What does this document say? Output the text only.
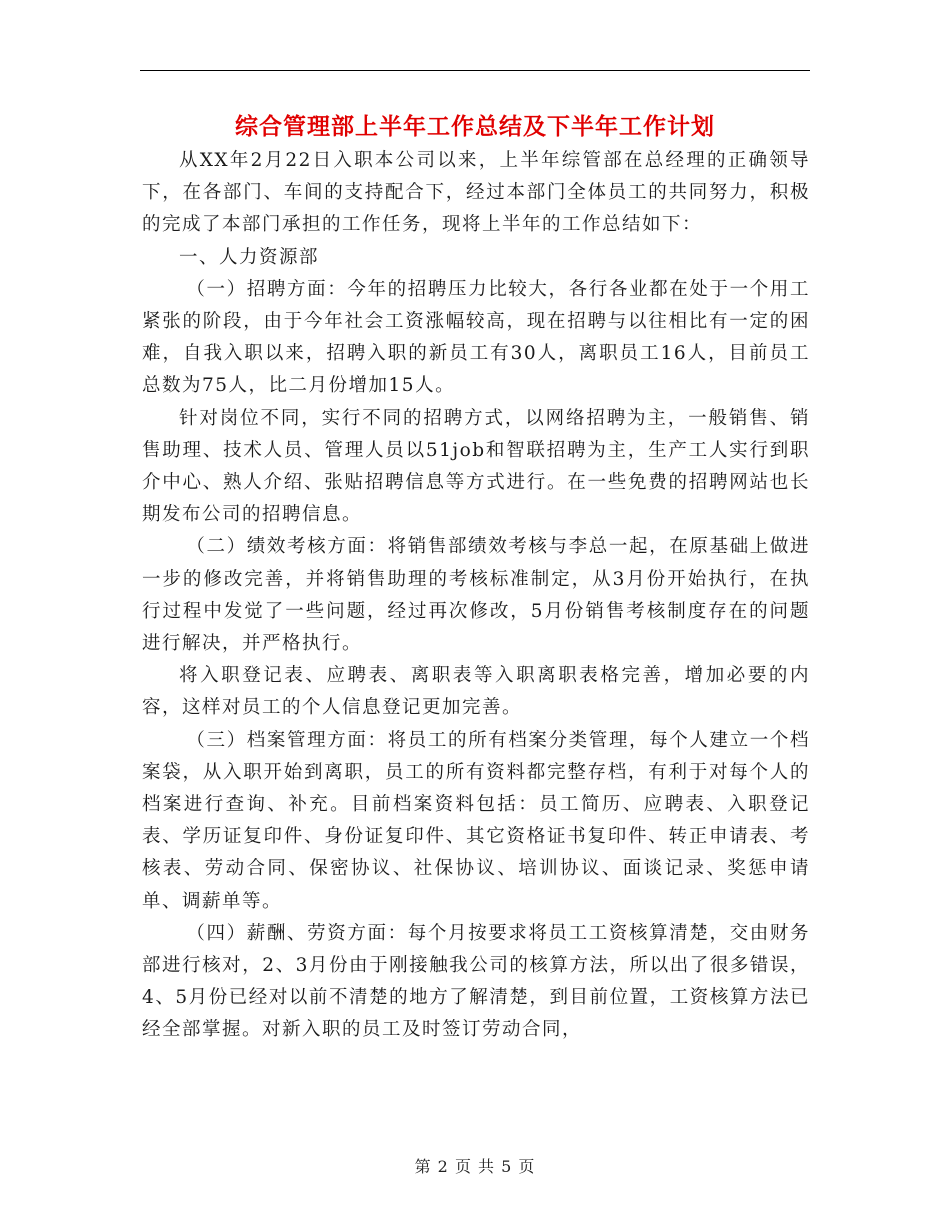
综合管理部上半年工作总结及下半年工作计划

从XX年2月22日入职本公司以来，上半年综管部在总经理的正确领导下，在各部门、车间的支持配合下，经过本部门全体员工的共同努力，积极的完成了本部门承担的工作任务，现将上半年的工作总结如下：

一、人力资源部

（一）招聘方面：今年的招聘压力比较大，各行各业都在处于一个用工紧张的阶段，由于今年社会工资涨幅较高，现在招聘与以往相比有一定的困难，自我入职以来，招聘入职的新员工有30人，离职员工16人，目前员工总数为75人，比二月份增加15人。

针对岗位不同，实行不同的招聘方式，以网络招聘为主，一般销售、销售助理、技术人员、管理人员以51job和智联招聘为主，生产工人实行到职介中心、熟人介绍、张贴招聘信息等方式进行。在一些免费的招聘网站也长期发布公司的招聘信息。

（二）绩效考核方面：将销售部绩效考核与李总一起，在原基础上做进一步的修改完善，并将销售助理的考核标准制定，从3月份开始执行，在执行过程中发觉了一些问题，经过再次修改，5月份销售考核制度存在的问题进行解决，并严格执行。

将入职登记表、应聘表、离职表等入职离职表格完善，增加必要的内容，这样对员工的个人信息登记更加完善。

（三）档案管理方面：将员工的所有档案分类管理，每个人建立一个档案袋，从入职开始到离职，员工的所有资料都完整存档，有利于对每个人的档案进行查询、补充。目前档案资料包括：员工简历、应聘表、入职登记表、学历证复印件、身份证复印件、其它资格证书复印件、转正申请表、考核表、劳动合同、保密协议、社保协议、培训协议、面谈记录、奖惩申请单、调薪单等。

（四）薪酬、劳资方面：每个月按要求将员工工资核算清楚，交由财务部进行核对，2、3月份由于刚接触我公司的核算方法，所以出了很多错误，4、5月份已经对以前不清楚的地方了解清楚，到目前位置，工资核算方法已经全部掌握。对新入职的员工及时签订劳动合同，

第 2 页 共 5 页
